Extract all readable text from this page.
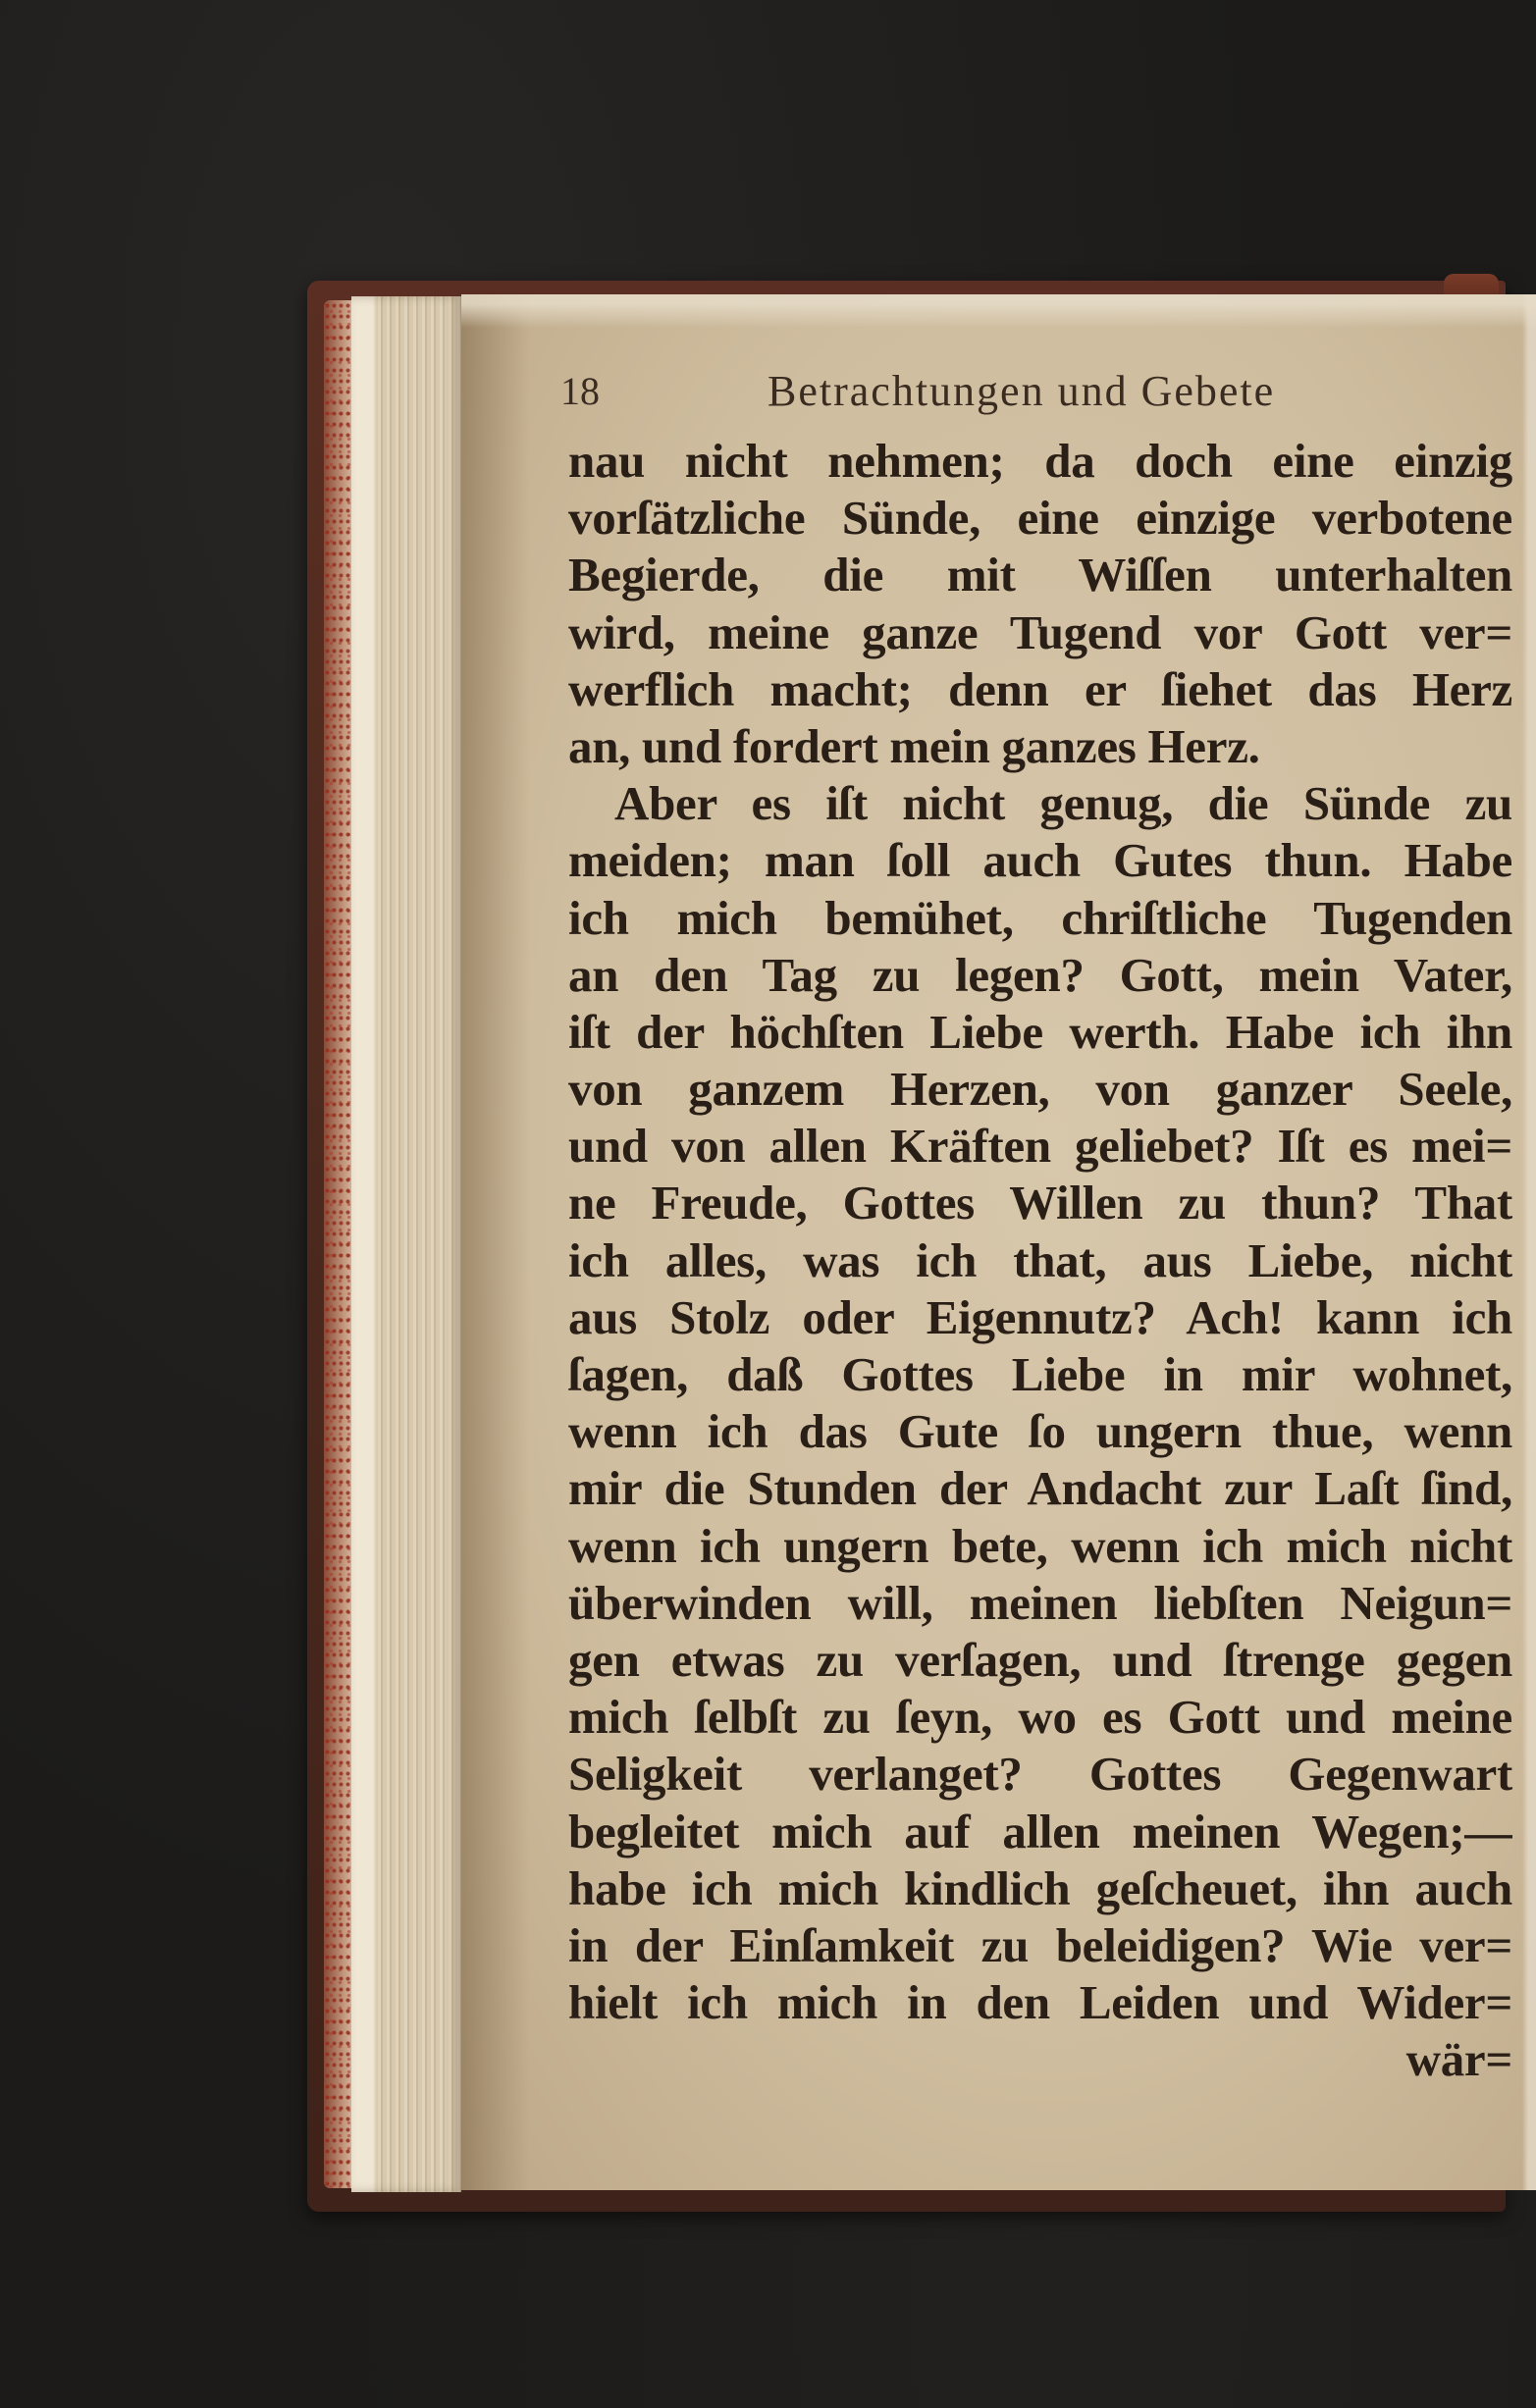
18	Betrachtungen und Gebete
nau nicht nehmen; da doch eine einzig
vorſätzliche Sünde, eine einzige verbotene
Begierde, die mit Wiſſen unterhalten
wird, meine ganze Tugend vor Gott ver=
werflich macht; denn er ſiehet das Herz
an, und fordert mein ganzes Herz.
Aber es iſt nicht genug, die Sünde zu
meiden; man ſoll auch Gutes thun. Habe
ich mich bemühet, chriſtliche Tugenden
an den Tag zu legen? Gott, mein Vater,
iſt der höchſten Liebe werth. Habe ich ihn
von ganzem Herzen, von ganzer Seele,
und von allen Kräften geliebet? Iſt es mei=
ne Freude, Gottes Willen zu thun? That
ich alles, was ich that, aus Liebe, nicht
aus Stolz oder Eigennutz? Ach! kann ich
ſagen, daß Gottes Liebe in mir wohnet,
wenn ich das Gute ſo ungern thue, wenn
mir die Stunden der Andacht zur Laſt ſind,
wenn ich ungern bete, wenn ich mich nicht
überwinden will, meinen liebſten Neigun=
gen etwas zu verſagen, und ſtrenge gegen
mich ſelbſt zu ſeyn, wo es Gott und meine
Seligkeit verlanget? Gottes Gegenwart
begleitet mich auf allen meinen Wegen;—
habe ich mich kindlich geſcheuet, ihn auch
in der Einſamkeit zu beleidigen? Wie ver=
hielt ich mich in den Leiden und Wider=
wär=
